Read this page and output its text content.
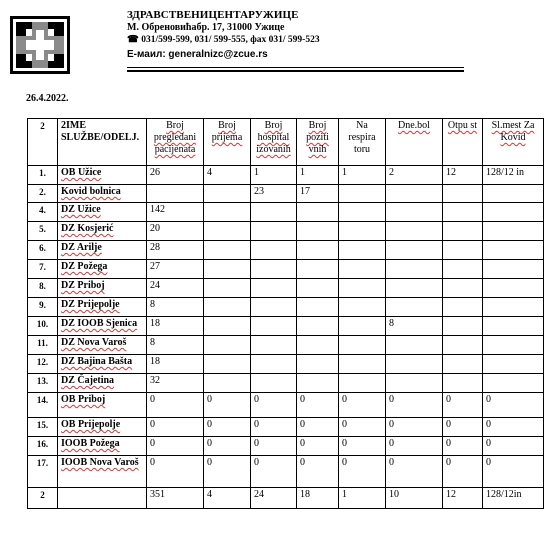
ЗДРАВСТВЕНИЦЕНТАРУЖИЦЕ
М. Обреновићабр. 17, 31000 Ужице
☎ 031/599-599, 031/ 599-555, фах 031/ 599-523
Е-маил: generalnizc@zcue.rs
26.4.2022.
2	2IME SLUŽBE/ODELJ.	Broj pregledani pacijenata	Broj prijema	Broj hospital izovanih	Broj poziti vnih	Na respira toru	Dne.bol	Otpu st	Sl.mest Za Kovid
1.	OB Užice	26	4	1	1	1	2	12	128/12 in
2.	Kovid bolnica			23	17				
4.	DZ Užice	142							
5.	DZ Kosjerić	20							
6.	DZ Arilje	28							
7.	DZ Požega	27							
8.	DZ Priboj	24							
9.	DZ Prijepolje	8							
10.	DZ IOOB Sjenica	18					8		
11.	DZ Nova Varoš	8							
12.	DZ Bajina Bašta	18							
13.	DZ Čajetina	32							
14.	OB Priboj	0	0	0	0	0	0	0	0
15.	OB Prijepolje	0	0	0	0	0	0	0	0
16.	IOOB Požega	0	0	0	0	0	0	0	0
17.	IOOB Nova Varoš	0	0	0	0	0	0	0	0
2		351	4	24	18	1	10	12	128/12in
